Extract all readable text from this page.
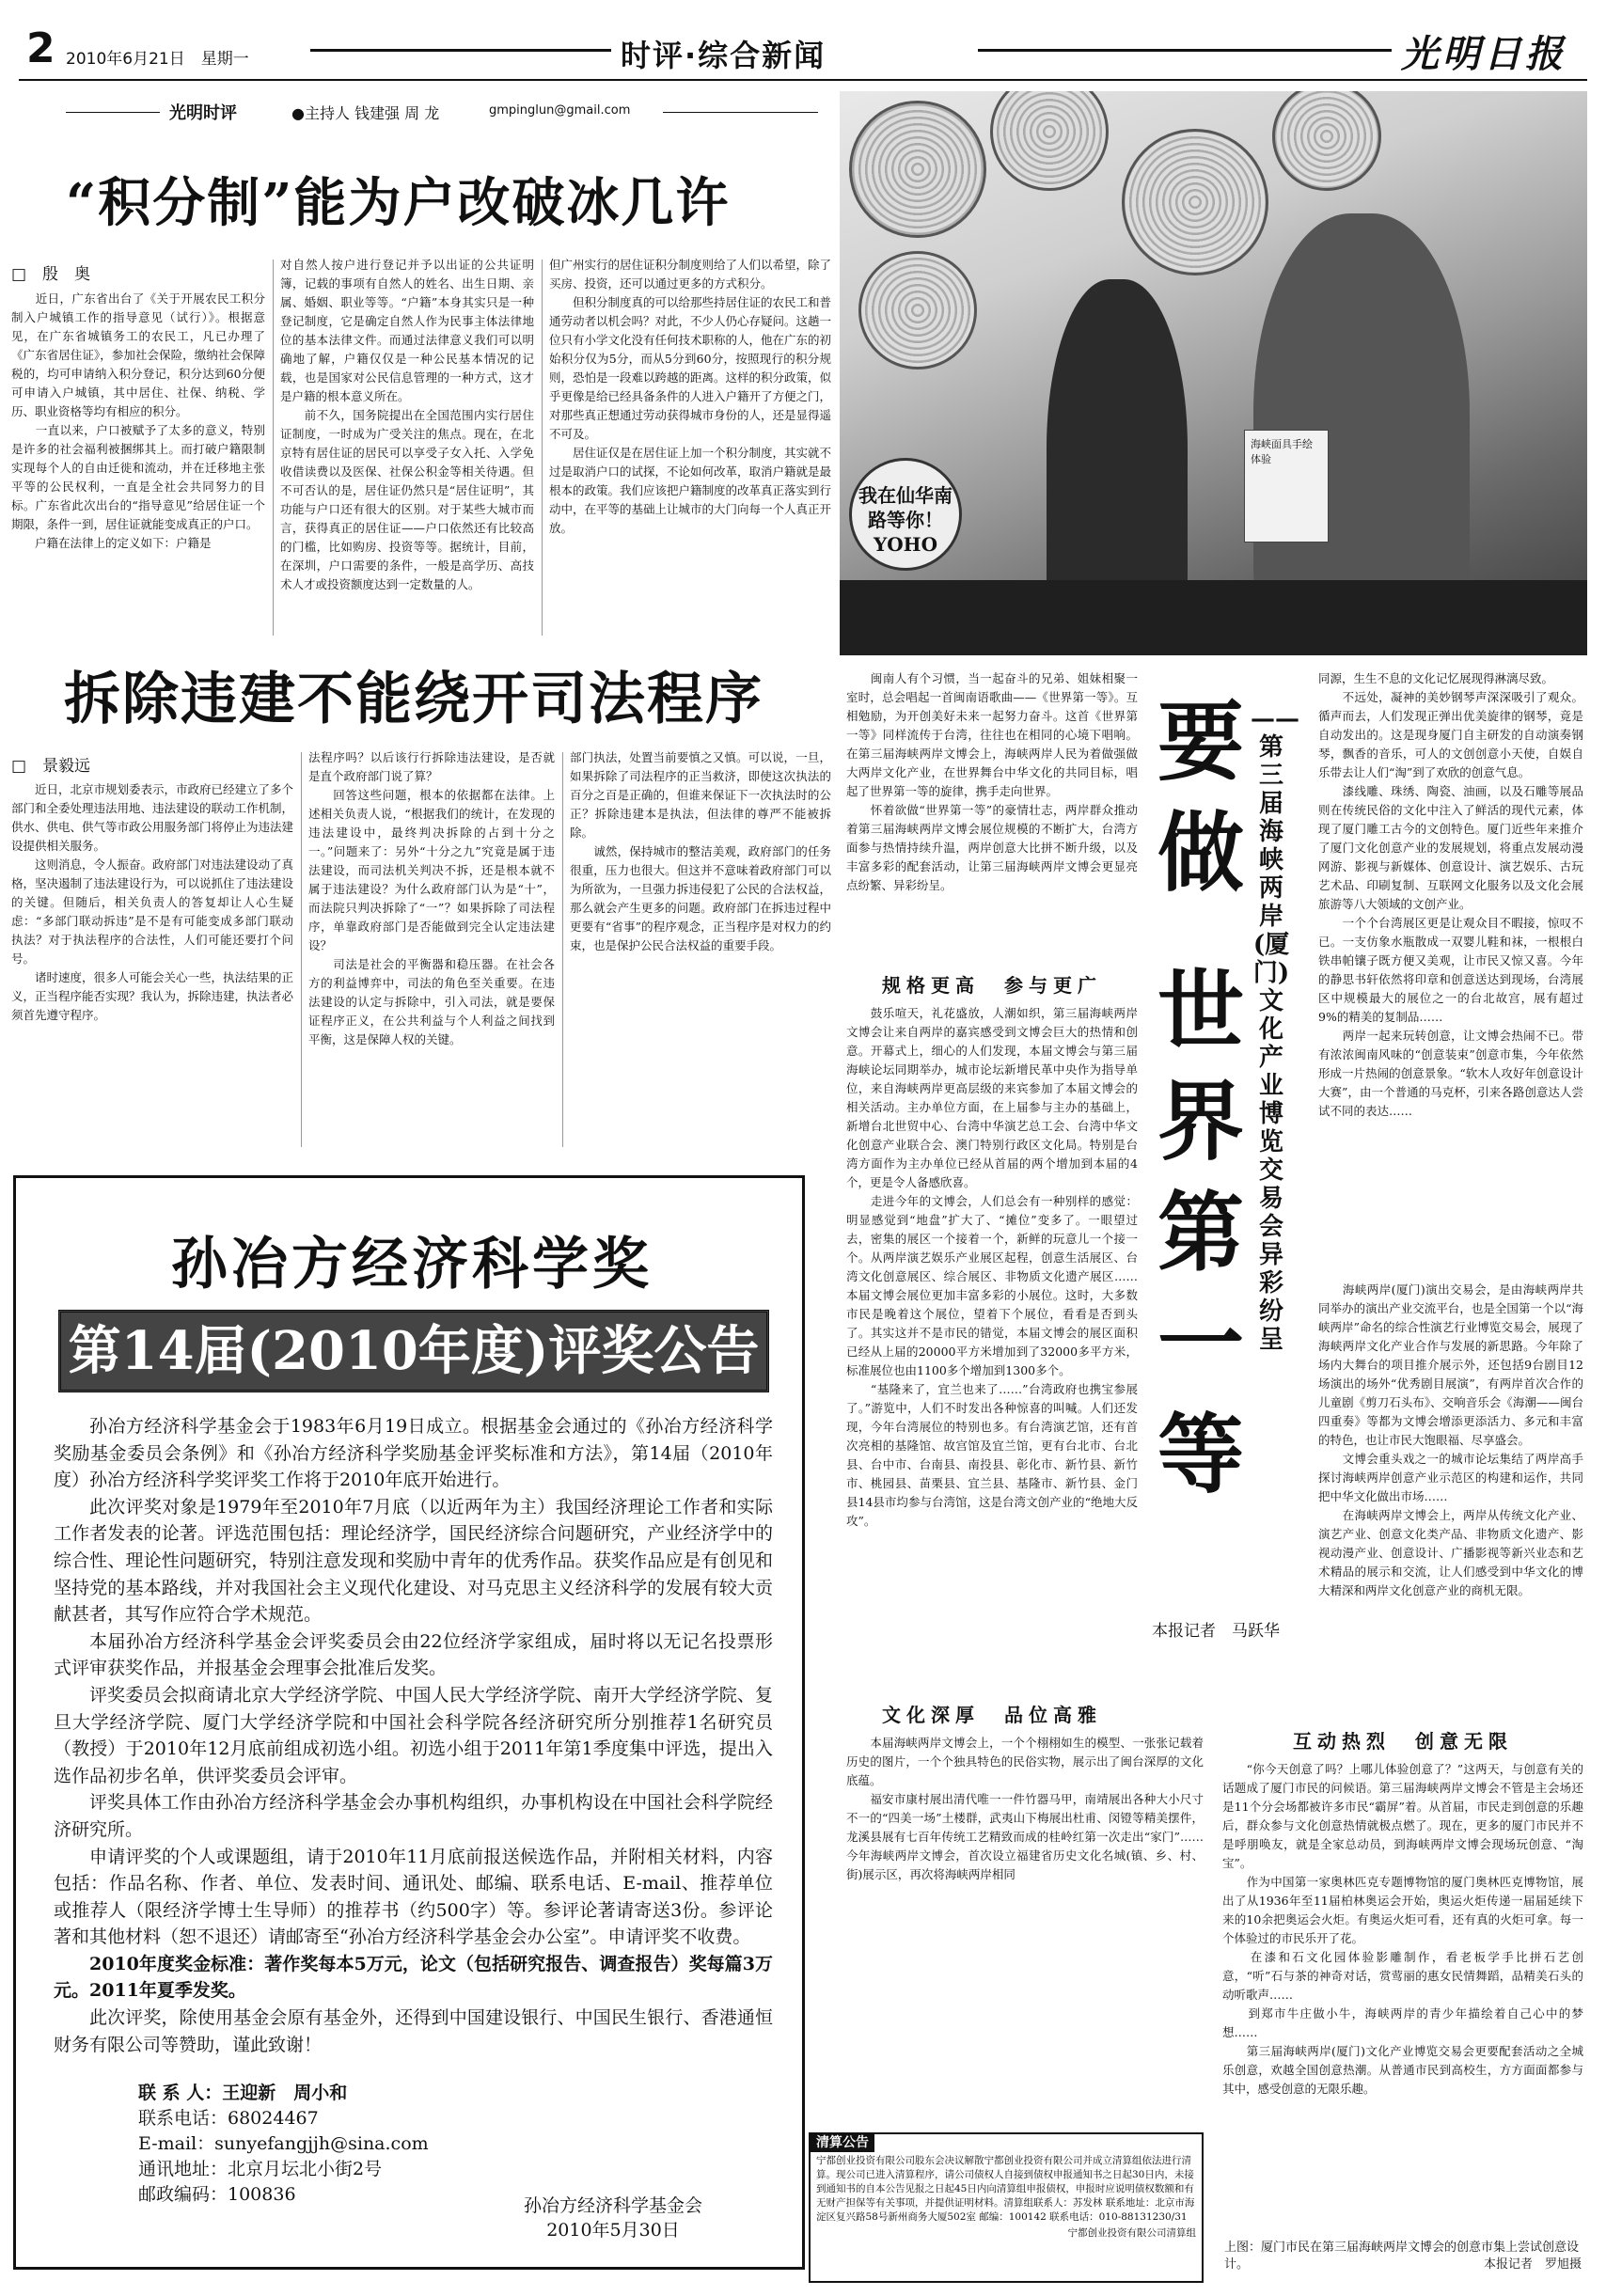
2 2010年6月21日　星期一	时评·综合新闻	光明日报
光明时评	●主持人 钱建强 周 龙	gmpinglun@gmail.com
“积分制”能为户改破冰几许
□　殷　奥
　　近日，广东省出台了《关于开展农民工积分制入户城镇工作的指导意见（试行）》。根据意见，在广东省城镇务工的农民工，凡已办理了《广东省居住证》，参加社会保险，缴纳社会保障税的，均可申请纳入积分登记，积分达到60分便可申请入户城镇，其中居住、社保、纳税、学历、职业资格等均有相应的积分。
　　一直以来，户口被赋予了太多的意义，特别是许多的社会福利被捆绑其上。而打破户籍限制实现每个人的自由迁徙和流动，并在迁移地主张平等的公民权利，一直是全社会共同努力的目标。广东省此次出台的“指导意见”给居住证一个期限，条件一到，居住证就能变成真正的户口。
　　户籍在法律上的定义如下：户籍是
对自然人按户进行登记并予以出证的公共证明簿，记载的事项有自然人的姓名、出生日期、亲属、婚姻、职业等等。“户籍”本身其实只是一种登记制度，它是确定自然人作为民事主体法律地位的基本法律文件。而通过法律意义我们可以明确地了解，户籍仅仅是一种公民基本情况的记载，也是国家对公民信息管理的一种方式，这才是户籍的根本意义所在。
　　前不久，国务院提出在全国范围内实行居住证制度，一时成为广受关注的焦点。现在，在北京特有居住证的居民可以享受子女入托、入学免收借读费以及医保、社保公积金等相关待遇。但不可否认的是，居住证仍然只是“居住证明”，其功能与户口还有很大的区别。对于某些大城市而言，获得真正的居住证——户口依然还有比较高的门槛，比如购房、投资等等。据统计，目前，在深圳，户口需要的条件，一般是高学历、高技术人才或投资额度达到一定数量的人。
但广州实行的居住证积分制度则给了人们以希望，除了买房、投资，还可以通过更多的方式积分。
　　但积分制度真的可以给那些持居住证的农民工和普通劳动者以机会吗？对此，不少人仍心存疑问。这趟一位只有小学文化没有任何技术职称的人，他在广东的初始积分仅为5分，而从5分到60分，按照现行的积分规则，恐怕是一段难以跨越的距离。这样的积分政策，似乎更像是给已经具备条件的人进入户籍开了方便之门，对那些真正想通过劳动获得城市身份的人，还是显得遥不可及。
　　居住证仅是在居住证上加一个积分制度，其实就不过是取消户口的试探，不论如何改革，取消户籍就是最根本的政策。我们应该把户籍制度的改革真正落实到行动中，在平等的基础上让城市的大门向每一个人真正开放。
拆除违建不能绕开司法程序
□　景毅远
　　近日，北京市规划委表示，市政府已经建立了多个部门和全委处理违法用地、违法建设的联动工作机制，供水、供电、供气等市政公用服务部门将停止为违法建设提供相关服务。
　　这则消息，令人振奋。政府部门对违法建设动了真格，坚决遏制了违法建设行为，可以说抓住了违法建设的关键。但随后，相关负责人的答复却让人心生疑虑：“多部门联动拆违”是不是有可能变成多部门联动执法？对于执法程序的合法性，人们可能还要打个问号。
　　诸时速度，很多人可能会关心一些，执法结果的正义，正当程序能否实现？我认为，拆除违建，执法者必须首先遵守程序。
法程序吗？以后该行行拆除违法建设，是否就是直个政府部门说了算？
　　回答这些问题，根本的依据都在法律。上述相关负责人说，“根据我们的统计，在发现的违法建设中，最终判决拆除的占到十分之一。”问题来了：另外“十分之九”究竟是属于违法建设，而司法机关判决不拆，还是根本就不属于违法建设？为什么政府部门认为是“十”，而法院只判决拆除了“一”？如果拆除了司法程序，单靠政府部门是否能做到完全认定违法建设？
　　司法是社会的平衡器和稳压器。在社会各方的利益博弈中，司法的角色至关重要。在违法建设的认定与拆除中，引入司法，就是要保证程序正义，在公共利益与个人利益之间找到平衡，这是保障人权的关键。
部门执法，处置当前要慎之又慎。可以说，一旦，如果拆除了司法程序的正当救济，即使这次执法的百分之百是正确的，但谁来保证下一次执法时的公正？拆除违建本是执法，但法律的尊严不能被拆除。
　　诚然，保持城市的整洁美观，政府部门的任务很重，压力也很大。但这并不意味着政府部门可以为所欲为，一旦强力拆违侵犯了公民的合法权益，那么就会产生更多的问题。政府部门在拆违过程中更要有“省事”的程序观念，正当程序是对权力的约束，也是保护公民合法权益的重要手段。
我在仙华南路等你！YOHO
海峡面具手绘体验
要
做
世
界
第
一
等
——第三届海峡两岸(厦门)文化产业博览交易会异彩纷呈
本报记者　马跃华
　　闽南人有个习惯，当一起奋斗的兄弟、姐妹相聚一室时，总会唱起一首闽南语歌曲——《世界第一等》。互相勉励，为开创美好未来一起努力奋斗。这首《世界第一等》同样流传于台湾，往往也在相同的心境下唱响。在第三届海峡两岸文博会上，海峡两岸人民为着做强做大两岸文化产业，在世界舞台中华文化的共同目标，唱起了世界第一等的旋律，携手走向世界。
　　怀着欲做“世界第一等”的豪情壮志，两岸群众推动着第三届海峡两岸文博会展位规模的不断扩大，台湾方面参与热情持续升温，两岸创意大比拼不断升级，以及丰富多彩的配套活动，让第三届海峡两岸文博会更显亮点纷繁、异彩纷呈。
规格更高　参与更广
　　鼓乐喧天，礼花盛放，人潮如织，第三届海峡两岸文博会让来自两岸的嘉宾感受到文博会巨大的热情和创意。开幕式上，细心的人们发现，本届文博会与第三届海峡论坛同期举办，城市论坛新增民革中央作为指导单位，来自海峡两岸更高层级的来宾参加了本届文博会的相关活动。主办单位方面，在上届参与主办的基础上，新增台北世贸中心、台湾中华演艺总工会、台湾中华文化创意产业联合会、澳门特别行政区文化局。特别是台湾方面作为主办单位已经从首届的两个增加到本届的4个，更是令人备感欣喜。
　　走进今年的文博会，人们总会有一种别样的感觉：明显感觉到“地盘”扩大了、“摊位”变多了。一眼望过去，密集的展区一个接着一个，新鲜的玩意儿一个接一个。从两岸演艺娱乐产业展区起程，创意生活展区、台湾文化创意展区、综合展区、非物质文化遗产展区……本届文博会展位更加丰富多彩的小展位。这时，大多数市民是晚着这个展位，望着下个展位，看看是否到头了。其实这并不是市民的错觉，本届文博会的展区面积已经从上届的20000平方米增加到了32000多平方米，标准展位也由1100多个增加到1300多个。
　　“基隆来了，宜兰也来了……”台湾政府也携宝参展了。”游览中，人们不时发出各种惊喜的叫喊。人们还发现，今年台湾展位的特别也多。有台湾演艺馆，还有首次亮相的基隆馆、故宫馆及宜兰馆，更有台北市、台北县、台中市、台南县、南投县、彰化市、新竹县、新竹市、桃园县、苗栗县、宜兰县、基隆市、新竹县、金门县14县市均参与台湾馆，这是台湾文创产业的“绝地大反攻”。
同源，生生不息的文化记忆展现得淋漓尽致。
　　不远处，凝神的美妙钢琴声深深吸引了观众。循声而去，人们发现正弹出优美旋律的钢琴，竟是自动发出的。这是现身厦门自主研发的自动演奏钢琴，飘香的音乐，可人的文创创意小天使，自娱自乐带去让人们“淘”到了欢欣的创意气息。
　　漆线雕、珠绣、陶瓷、油画，以及石雕等展品则在传统民俗的文化中注入了鲜活的现代元素，体现了厦门雕工古今的文创特色。厦门近些年来推介了厦门文化创意产业的发展规划，将重点发展动漫网游、影视与新媒体、创意设计、演艺娱乐、古玩艺术品、印刷复制、互联网文化服务以及文化会展旅游等八大领域的文创产业。
　　一个个台湾展区更是让观众目不暇接，惊叹不已。一支仿象水瓶散成一双婴儿鞋和袜，一根根白铁串帕镶子既方便又美观，让市民又惊又喜。今年的静思书轩依然将印章和创意送达到现场，台湾展区中规模最大的展位之一的台北故宫，展有超过9%的精美的复制品……
　　两岸一起来玩转创意，让文博会热闹不已。带有浓浓闽南风味的“创意装束”创意市集，今年依然形成一片热闹的创意景象。“软木人攻好年创意设计大赛”，由一个普通的马克杯，引来各路创意达人尝试不同的表达……
　　海峡两岸(厦门)演出交易会，是由海峡两岸共同举办的演出产业交流平台，也是全国第一个以“海峡两岸”命名的综合性演艺行业博览交易会，展现了海峡两岸文化产业合作与发展的新思路。今年除了场内大舞台的项目推介展示外，还包括9台剧目12场演出的场外“优秀剧目展演”，有两岸首次合作的儿童剧《剪刀石头布》、交响音乐会《海潮——闽台四重奏》等都为文博会增添更添活力、多元和丰富的特色，也让市民大饱眼福、尽享盛会。
　　文博会重头戏之一的城市论坛集结了两岸高手探讨海峡两岸创意产业示范区的构建和运作，共同把中华文化做出市场……
　　在海峡两岸文博会上，两岸从传统文化产业、演艺产业、创意文化类产品、非物质文化遗产、影视动漫产业、创意设计、广播影视等新兴业态和艺术精品的展示和交流，让人们感受到中华文化的博大精深和两岸文化创意产业的商机无限。
文化深厚　品位高雅
　　本届海峡两岸文博会上，一个个栩栩如生的模型、一张张记载着历史的图片，一个个独具特色的民俗实物，展示出了闽台深厚的文化底蕴。
　　福安市康村展出清代唯一一件竹器马甲，南靖展出各种大小尺寸不一的“四美一场”土楼群，武夷山下梅展出杜甫、闵镫等精美摆件，龙溪县展有七百年传统工艺精致而成的桂岭红第一次走出“家门”……今年海峡两岸文博会，首次设立福建省历史文化名城(镇、乡、村、街)展示区，再次将海峡两岸相同
互动热烈　创意无限
　　“你今天创意了吗？上哪儿体验创意了？”这两天，与创意有关的话题成了厦门市民的问候语。第三届海峡两岸文博会不管是主会场还是11个分会场都被许多市民“霸屏”着。从首届，市民走到创意的乐趣后，群众参与文化创意热情就极点燃了。现在，更多的厦门市民并不是呼朋唤友，就是全家总动员，到海峡两岸文博会现场玩创意、“淘宝”。
　　作为中国第一家奥林匹克专题博物馆的厦门奥林匹克博物馆，展出了从1936年至11届柏林奥运会开始，奥运火炬传递一届届延续下来的10余把奥运会火炬。有奥运火炬可看，还有真的火炬可拿。每一个体验过的市民乐开了花。
　　在漆和石文化园体验影雕制作，看老板学手比拼石艺创意，“听”石与茶的神奇对话，赏莺丽的惠女民情舞蹈，品精美石头的动听歌声……
　　到郑市牛庄做小牛，海峡两岸的青少年描绘着自己心中的梦想……
　　第三届海峡两岸(厦门)文化产业博览交易会更要配套活动之全城乐创意，欢越全国创意热潮。从普通市民到高校生，方方面面都参与其中，感受创意的无限乐趣。
孙冶方经济科学奖
第14届(2010年度)评奖公告

孙冶方经济科学基金会于1983年6月19日成立。根据基金会通过的《孙冶方经济科学奖励基金委员会条例》和《孙冶方经济科学奖励基金评奖标准和方法》，第14届（2010年度）孙冶方经济科学奖评奖工作将于2010年底开始进行。

此次评奖对象是1979年至2010年7月底（以近两年为主）我国经济理论工作者和实际工作者发表的论著。评选范围包括：理论经济学，国民经济综合问题研究，产业经济学中的综合性、理论性问题研究，特别注意发现和奖励中青年的优秀作品。获奖作品应是有创见和坚持党的基本路线，并对我国社会主义现代化建设、对马克思主义经济科学的发展有较大贡献甚者，其写作应符合学术规范。

本届孙冶方经济科学基金会评奖委员会由22位经济学家组成，届时将以无记名投票形式评审获奖作品，并报基金会理事会批准后发奖。

评奖委员会拟商请北京大学经济学院、中国人民大学经济学院、南开大学经济学院、复旦大学经济学院、厦门大学经济学院和中国社会科学院各经济研究所分别推荐1名研究员（教授）于2010年12月底前组成初选小组。初选小组于2011年第1季度集中评选，提出入选作品初步名单，供评奖委员会评审。

评奖具体工作由孙冶方经济科学基金会办事机构组织，办事机构设在中国社会科学院经济研究所。

申请评奖的个人或课题组，请于2010年11月底前报送候选作品，并附相关材料，内容包括：作品名称、作者、单位、发表时间、通讯处、邮编、联系电话、E-mail、推荐单位或推荐人（限经济学博士生导师）的推荐书（约500字）等。参评论著请寄送3份。参评论著和其他材料（恕不退还）请邮寄至“孙冶方经济科学基金会办公室”。申请评奖不收费。

2010年度奖金标准：著作奖每本5万元，论文（包括研究报告、调查报告）奖每篇3万元。2011年夏季发奖。

此次评奖，除使用基金会原有基金外，还得到中国建设银行、中国民生银行、香港通恒财务有限公司等赞助，谨此致谢！

联 系 人：王迎新　周小和
联系电话：68024467
E-mail：sunyefangjjh@sina.com
通讯地址：北京月坛北小街2号
邮政编码：100836
孙冶方经济科学基金会
2010年5月30日
清算公告
宁都创业投资有限公司股东会决议解散宁都创业投资有限公司并成立清算组依法进行清算。现公司已进入清算程序，请公司债权人自接到债权申报通知书之日起30日内，未接到通知书的自本公告见报之日起45日内向清算组申报债权，申报时应说明债权数额和有无财产担保等有关事项，并提供证明材料。清算组联系人：苏发林 联系地址：北京市海淀区复兴路58号新州商务大厦502室 邮编：100142 联系电话：010-88131230/31
宁都创业投资有限公司清算组
上图：厦门市民在第三届海峡两岸文博会的创意市集上尝试创意设计。	本报记者　罗旭摄
